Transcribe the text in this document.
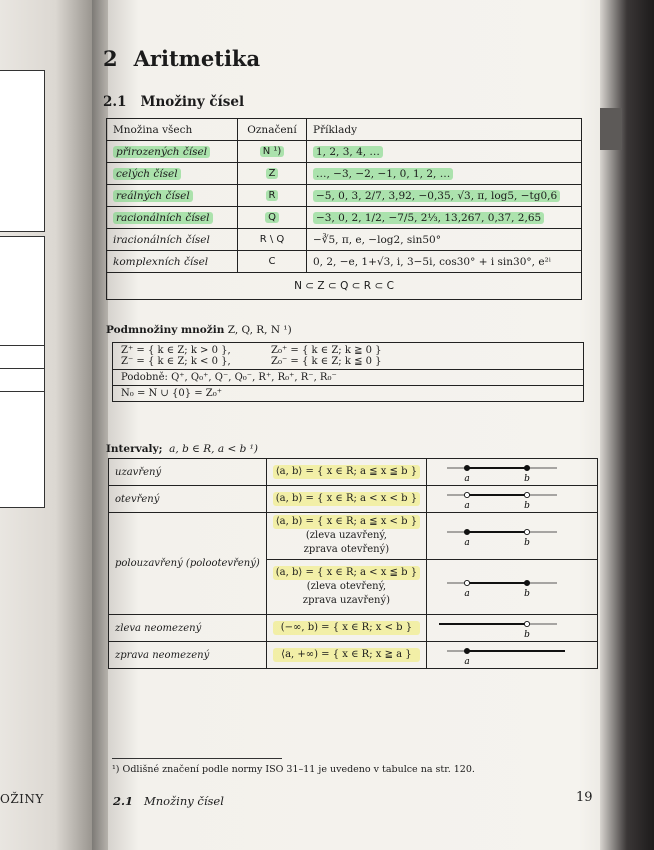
OŽINY
2 Aritmetika
2.1 Množiny čísel
Množina všech	Označení	Příklady
přirozených čísel	N ¹)	1, 2, 3, 4, …
celých čísel	Z	…, −3, −2, −1, 0, 1, 2, …
reálných čísel	R	−5, 0, 3, 2/7, 3,92, −0,35, √3, π, log5, −tg0,6
racionálních čísel	Q	−3, 0, 2, 1/2, −7/5, 2⅓, 13,267, 0,37, 2,65
iracionálních čísel	R \ Q	−∛5, π, e, −log2, sin50°
komplexních čísel	C	0, 2, −e, 1+√3, i, 3−5i, cos30° + i sin30°, e²ⁱ
N ⊂ Z ⊂ Q ⊂ R ⊂ C		
Podmnožiny množin Z, Q, R, N ¹)
Z⁺ = { k ∈ Z; k > 0 },	Z₀⁺ = { k ∈ Z; k ≧ 0 }
Z⁻ = { k ∈ Z; k < 0 },	Z₀⁻ = { k ∈ Z; k ≦ 0 }

Podobně: Q⁺, Q₀⁺, Q⁻, Q₀⁻, R⁺, R₀⁺, R⁻, R₀⁻
N₀ = N ∪ {0} = Z₀⁺
Intervaly; a, b ∈ R, a < b ¹)
uzavřený	⟨a, b⟩ = { x ∈ R; a ≦ x ≦ b }	a b

otevřený	(a, b) = { x ∈ R; a < x < b }	a b

polouzavřený (polootevřený)	⟨a, b) = { x ∈ R; a ≦ x < b }
(zleva uzavřený,
zprava otevřený)	a b

	(a, b⟩ = { x ∈ R; a < x ≦ b }
(zleva otevřený,
zprava uzavřený)	a b

zleva neomezený	(−∞, b) = { x ∈ R; x < b }	b

zprava neomezený	⟨a, +∞) = { x ∈ R; x ≧ a }	a
¹) Odlišné značení podle normy ISO 31–11 je uvedeno v tabulce na str. 120.
2.1 Množiny čísel	19
